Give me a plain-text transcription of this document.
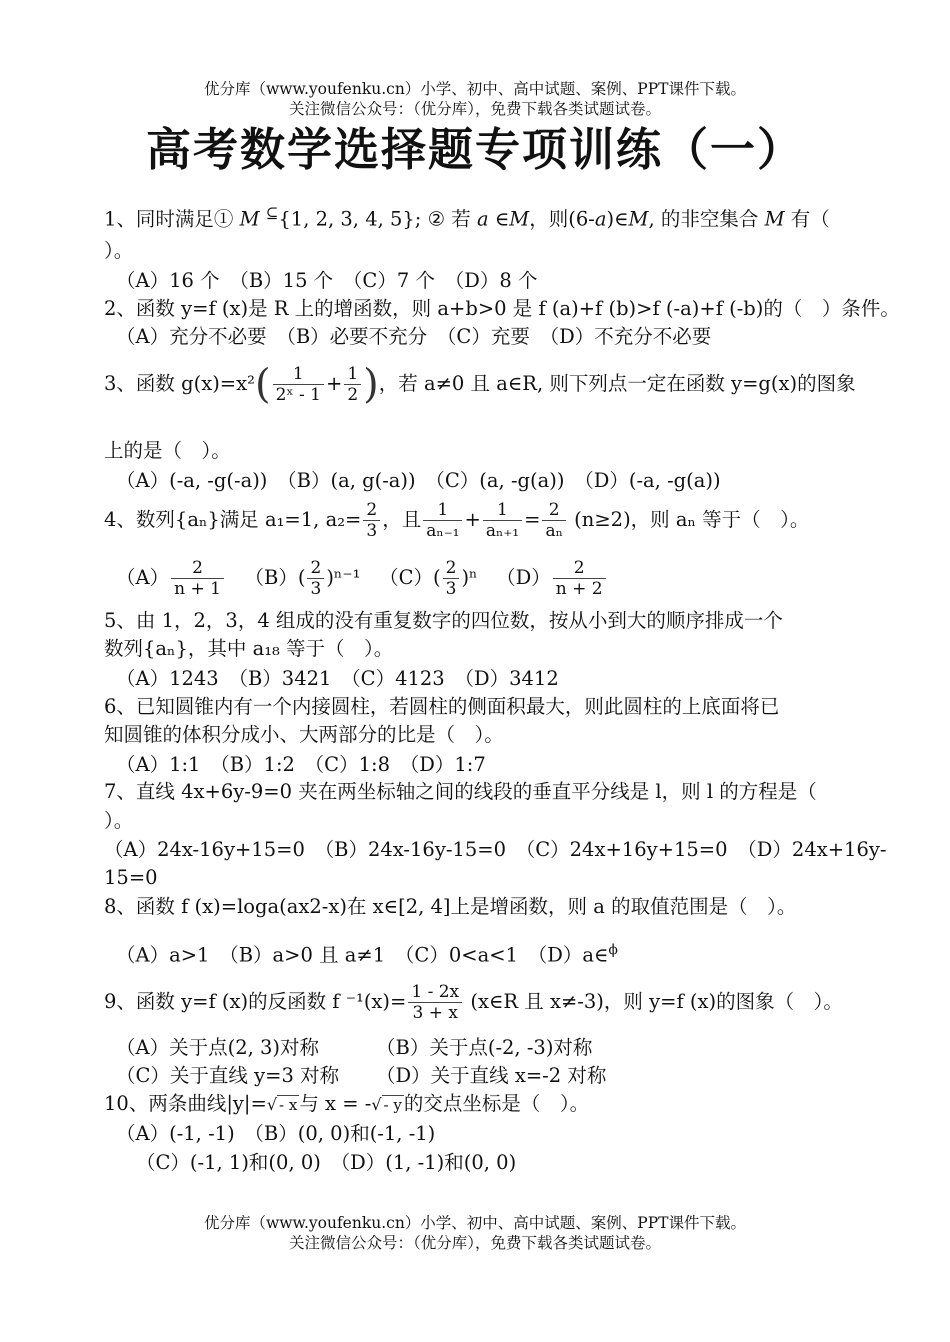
优分库（www.youfenku.cn）小学、初中、高中试题、案例、PPT课件下载。
关注微信公众号：（优分库），免费下载各类试题试卷。
高考数学选择题专项训练（一）
1、同时满足① M ⊆{1, 2, 3, 4, 5}; ② 若 a ∈M，则(6-a)∈M, 的非空集合 M 有（
）。
（A）16 个　（B）15 个　（C）7 个　（D）8 个
2、函数 y=f (x)是 R 上的增函数，则 a+b>0 是 f (a)+f (b)>f (-a)+f (-b)的（　）条件。
（A）充分不必要　（B）必要不充分　（C）充要　（D）不充分不必要
3、函数 $g(x)=x^2( \frac{1}{\text{2ˣ - 1}} + \frac{1}{2}$ )，若 a≠0 且 a∈R, 则下列点一定在函数 y=g(x)的图象
上的是（　）。
（A）(-a, -g(-a))　（B）(a, g(-a))　（C）(a, -g(a))　（D）(-a, -g(a))
4、数列{aₙ}满足 a₁=1, $a_2= \frac{2}{3}$ ，且 $\frac{1}{\text{aₙ₋₁}} + \frac{1}{\text{aₙ₊₁}} = \frac{2}{\text{aₙ}} (n\ge 2)$，则 aₙ 等于（　）。
$(A) \frac{2}{n + 1} (B)( \frac{2}{3} )^{n-1}$ $(C)( \frac{2}{3} )^n$ $(D) \frac{2}{n + 2}$
5、由 1，2，3，4 组成的没有重复数字的四位数，按从小到大的顺序排成一个
数列{aₙ}，其中 a₁₈ 等于（　）。
（A）1243　（B）3421　（C）4123　（D）3412
6、已知圆锥内有一个内接圆柱，若圆柱的侧面积最大，则此圆柱的上底面将已
知圆锥的体积分成小、大两部分的比是（　）。
（A）1:1　（B）1:2　（C）1:8　（D）1:7
7、直线 4x+6y-9=0 夹在两坐标轴之间的线段的垂直平分线是 l，则 l 的方程是（
）。
（A）24x-16y+15=0　（B）24x-16y-15=0　（C）24x+16y+15=0　（D）24x+16y-
15=0
8、函数 f (x)=loga(ax2-x)在 x∈[2, 4]上是增函数，则 a 的取值范围是（　）。
（A）a>1　（B）a>0 且 a≠1　（C）0<a<1　（D）a∈$^\phi$
9、函数 y=f (x)的反函数 f $^{-1}(x)= \frac{1 - 2x}{3 + x}$ (x∈R 且 x≠-3)，则 y=f (x)的图象（　）。
（A）关于点(2, 3)对称	（B）关于点(-2, -3)对称
（C）关于直线 y=3 对称 （D）关于直线 x=-2 对称
10、两条曲线|y|=√ - x 与 x = -√ - y 的交点坐标是（　）。
（A）(-1, -1)　（B）(0, 0)和(-1, -1)
（C）(-1, 1)和(0, 0)　（D）(1, -1)和(0, 0)
优分库（www.youfenku.cn）小学、初中、高中试题、案例、PPT课件下载。
关注微信公众号：（优分库），免费下载各类试题试卷。
